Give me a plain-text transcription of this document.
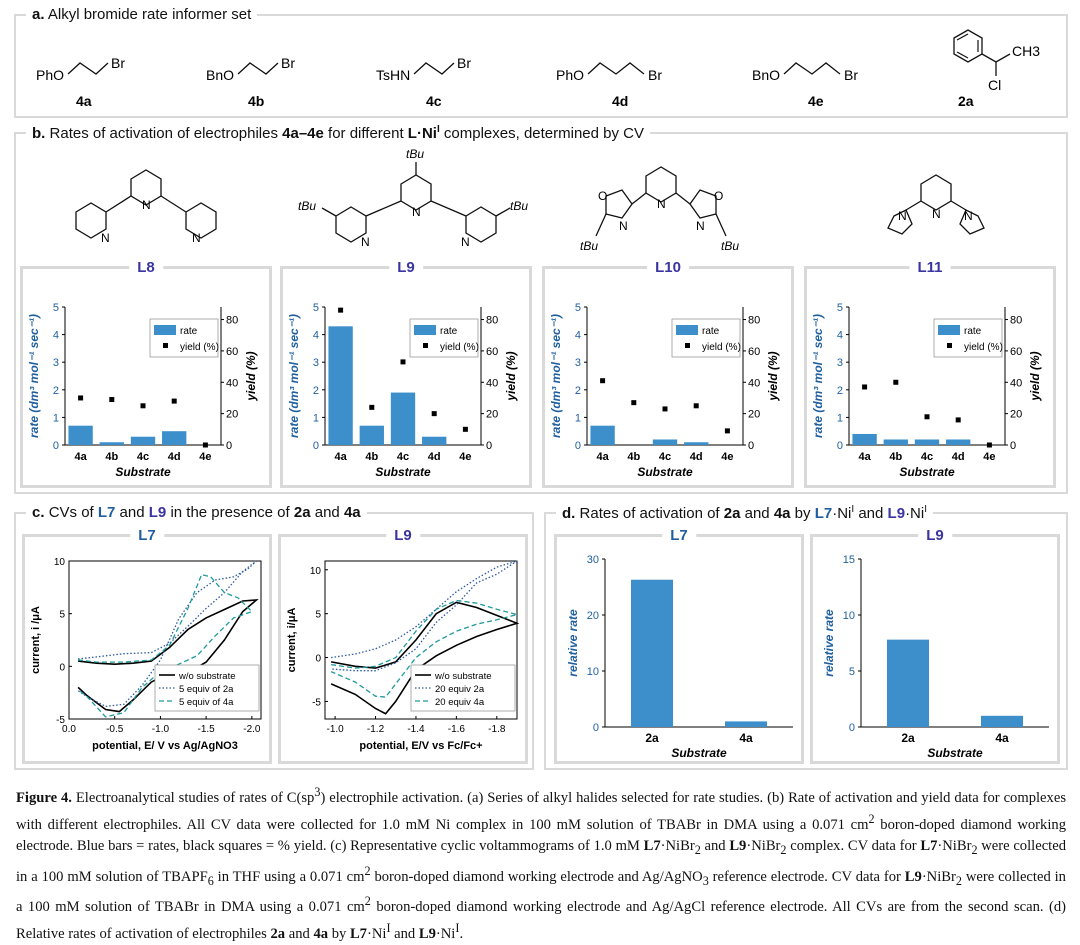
a. Alkyl bromide rate informer set
PhO
Br
4a
BnO
Br
4b
TsHN
Br
4c
PhO	Br
4d
BnO	Br
4e
CH3
Cl
2a
b. Rates of activation of electrophiles 4a–4e for different $L\cdot Ni^I$ complexes, determined by CV
N
N	N
tBu
tBu	tBu
N
N	N
O	O
N
N	N
tBu	tBu
N
N	N
L8
0
1
2
3
4
5
0
20
40
60
80
4a 4b 4c 4d 4e
Substrate
rate (dm³ mol⁻¹ sec⁻¹)	yield (%)
rate
yield (%)
L9
0
1
2
3
4
5
0
20
40
60
80
4a 4b 4c 4d 4e
Substrate
rate (dm³ mol⁻¹ sec⁻¹)	yield (%)
rate
yield (%)
L10
0
1
2
3
4
5
0
20
40
60
80
4a 4b 4c 4d 4e
Substrate
rate (dm³ mol⁻¹ sec⁻¹)	yield (%)
rate
yield (%)
L11
0
1
2
3
4
5
0
20
40
60
80
4a 4b 4c 4d 4e
Substrate
rate (dm³ mol⁻¹ sec⁻¹)	yield (%)
rate
yield (%)
c. CVs of L7 and L9 in the presence of 2a and 4a
L7
0.0	-0.5	-1.0	-1.5	-2.0
-5
0
5
10
potential, E/ V vs Ag/AgNO3
current, i /μA
w/o substrate
5 equiv of 2a
5 equiv of 4a
L9
-1.0 -1.2 -1.4 -1.6 -1.8
-5
0
5
10
potential, E/V vs Fc/Fc+
current, i/μA
w/o substrate
20 equiv 2a
20 equiv 4a
d. Rates of activation of 2a and 4a by $L7\cdot Ni^I$ and $L9\cdot Ni^I$
L7
0
10
20
30
2a	4a
Substrate
relative rate
L9
0
5
10
15
2a	4a
Substrate
relative rate
Figure 4. Electroanalytical studies of rates of $C(sp^3)$ electrophile activation. (a) Series of alkyl halides selected for rate studies. (b) Rate of activation and yield data for complexes with different electrophiles. All CV data were collected for 1.0 mM Ni complex in 100 mM solution of TBABr in DMA using a 0.071 $cm^2$ boron-doped diamond working electrode. Blue bars = rates, black squares = % yield. (c) Representative cyclic voltammograms of 1.0 mM L7·NiBr$_2$ and L9·NiBr$_2$ complex. CV data for L7·NiBr$_2$ were collected in a 100 mM solution of $TBAPF_6$ in THF using a 0.071 $cm^2$ boron-doped diamond working electrode and Ag/AgNO$_3$ reference electrode. CV data for L9·NiBr$_2$ were collected in a 100 mM solution of TBABr in DMA using a 0.071 $cm^2$ boron-doped diamond working electrode and Ag/AgCl reference electrode. All CVs are from the second scan. (d) Relative rates of activation of electrophiles 2a and 4a by $L7\cdot Ni^I$ and $L9\cdot Ni^I$.
